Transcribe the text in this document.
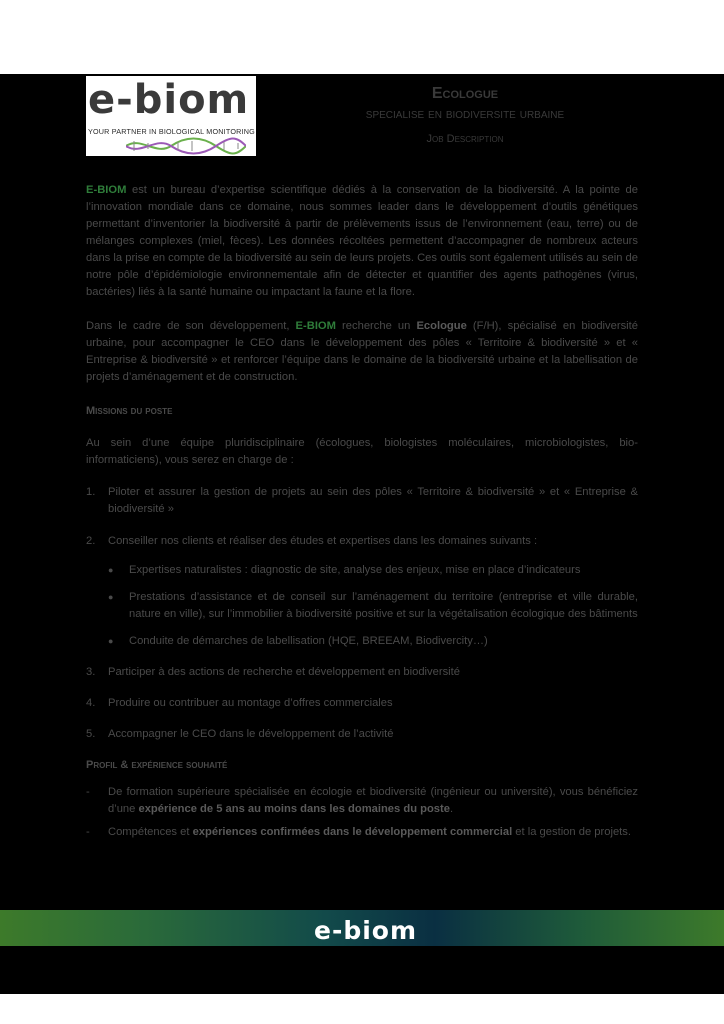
e-biom
YOUR PARTNER IN BIOLOGICAL MONITORING
Ecologue
specialise en biodiversite urbaine
Job Description

E-BIOM est un bureau d’expertise scientifique dédiés à la conservation de la biodiversité. A la pointe de l’innovation mondiale dans ce domaine, nous sommes leader dans le développement d’outils génétiques permettant d’inventorier la biodiversité à partir de prélèvements issus de l’environnement (eau, terre) ou de mélanges complexes (miel, fèces). Les données récoltées permettent d’accompagner de nombreux acteurs dans la prise en compte de la biodiversité au sein de leurs projets. Ces outils sont également utilisés au sein de notre pôle d’épidémiologie environnementale afin de détecter et quantifier des agents pathogènes (virus, bactéries) liés à la santé humaine ou impactant la faune et la flore.

Dans le cadre de son développement, E-BIOM recherche un Ecologue (F/H), spécialisé en biodiversité urbaine, pour accompagner le CEO dans le développement des pôles « Territoire & biodiversité » et « Entreprise & biodiversité » et renforcer l’équipe dans le domaine de la biodiversité urbaine et la labellisation de projets d’aménagement et de construction.

Missions du poste

Au sein d’une équipe pluridisciplinaire (écologues, biologistes moléculaires, microbiologistes, bio-informaticiens), vous serez en charge de :

1.	Piloter et assurer la gestion de projets au sein des pôles « Territoire & biodiversité » et « Entreprise & biodiversité »
2.	Conseiller nos clients et réaliser des études et expertises dans les domaines suivants :
●	Expertises naturalistes : diagnostic de site, analyse des enjeux, mise en place d’indicateurs
●	Prestations d’assistance et de conseil sur l’aménagement du territoire (entreprise et ville durable, nature en ville), sur l’immobilier à biodiversité positive et sur la végétalisation écologique des bâtiments
●	Conduite de démarches de labellisation (HQE, BREEAM, Biodivercity…)
3.	Participer à des actions de recherche et développement en biodiversité
4.	Produire ou contribuer au montage d’offres commerciales
5.	Accompagner le CEO dans le développement de l’activité
Profil & expérience souhaité
-	De formation supérieure spécialisée en écologie et biodiversité (ingénieur ou université), vous bénéficiez d’une expérience de 5 ans au moins dans les domaines du poste.
-	Compétences et expériences confirmées dans le développement commercial et la gestion de projets.
e-biom
